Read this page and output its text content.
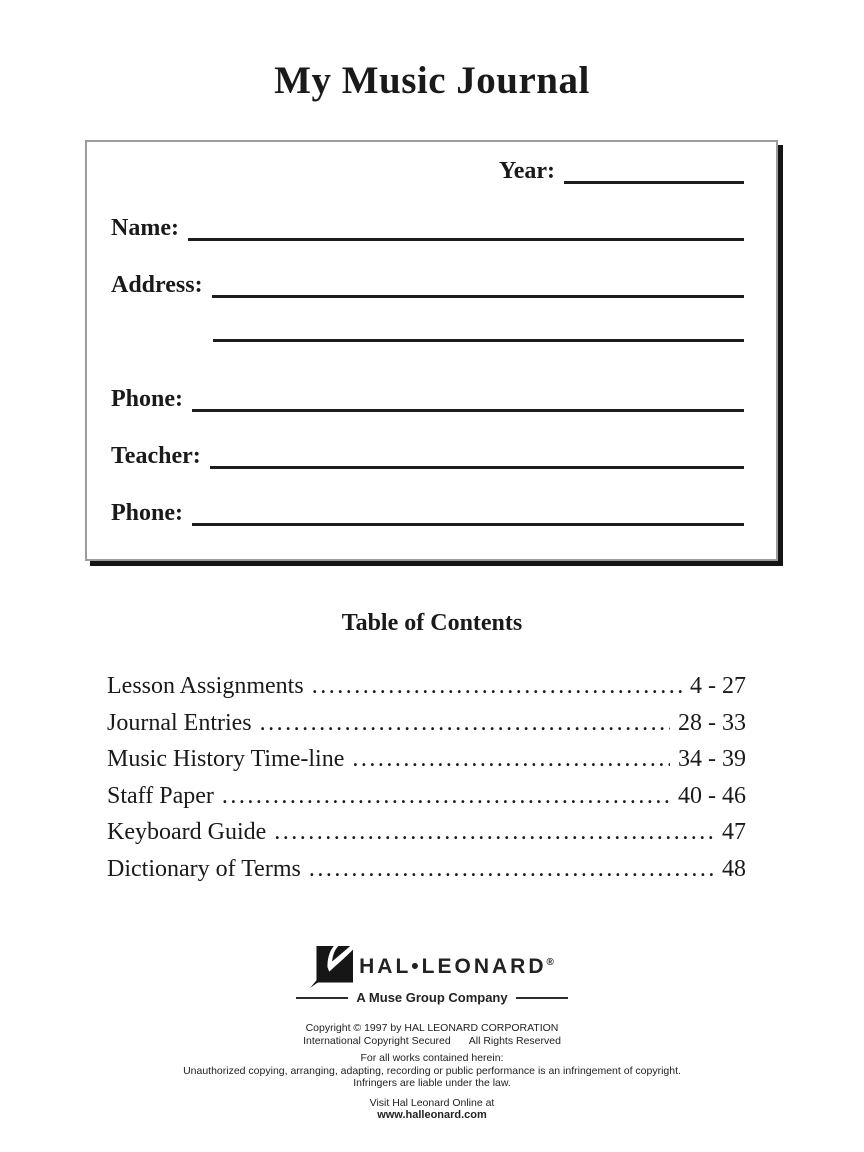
My Music Journal
Year:
Name:
Address:
Phone:
Teacher:
Phone:
Table of Contents
Lesson Assignments .....	4 - 27
Journal Entries .....	28 - 33
Music History Time-line .....	34 - 39
Staff Paper .....	40 - 46
Keyboard Guide .....	47
Dictionary of Terms .....	48
HAL•LEONARD®
A Muse Group Company
Copyright © 1997 by HAL LEONARD CORPORATION
International Copyright Secured All Rights Reserved
For all works contained herein:
Unauthorized copying, arranging, adapting, recording or public performance is an infringement of copyright.
Infringers are liable under the law.
Visit Hal Leonard Online at
www.halleonard.com
